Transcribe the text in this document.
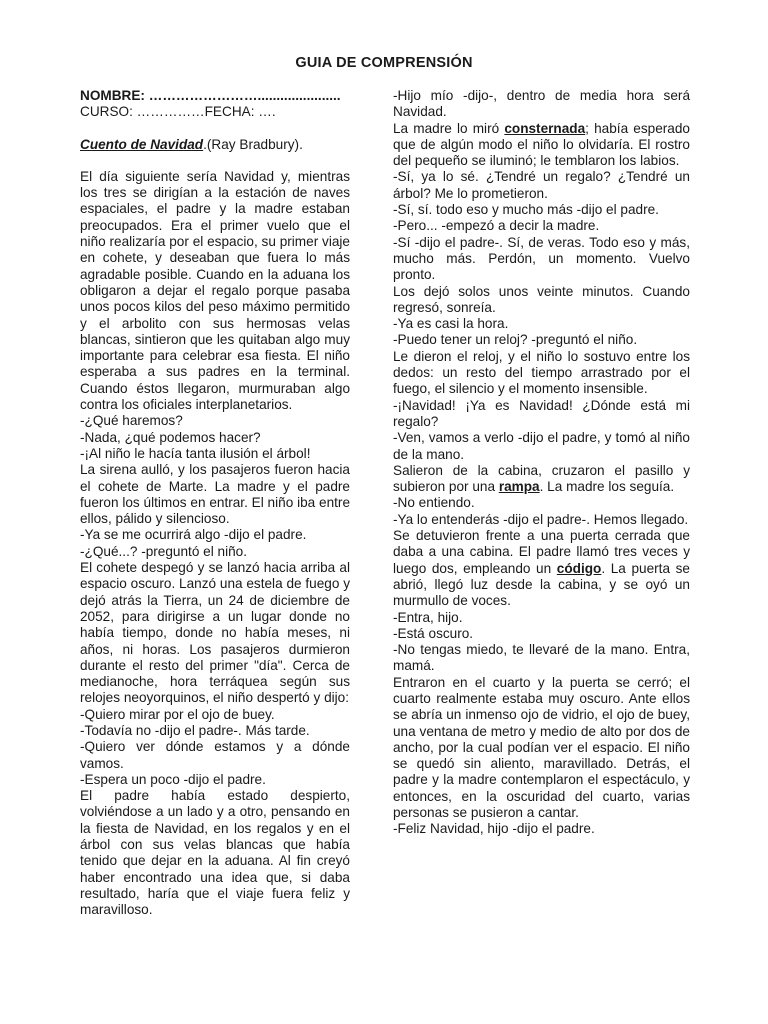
GUIA DE COMPRENSIÓN

NOMBRE: ……………………......................

CURSO: ……………FECHA: ….

Cuento de Navidad.(Ray Bradbury).

El día siguiente sería Navidad y, mientras los tres se dirigían a la estación de naves espaciales, el padre y la madre estaban preocupados. Era el primer vuelo que el niño realizaría por el espacio, su primer viaje en cohete, y deseaban que fuera lo más agradable posible. Cuando en la aduana los obligaron a dejar el regalo porque pasaba unos pocos kilos del peso máximo permitido y el arbolito con sus hermosas velas blancas, sintieron que les quitaban algo muy importante para celebrar esa fiesta. El niño esperaba a sus padres en la terminal. Cuando éstos llegaron, murmuraban algo contra los oficiales interplanetarios.

-¿Qué haremos?

-Nada, ¿qué podemos hacer?

-¡Al niño le hacía tanta ilusión el árbol!

La sirena aulló, y los pasajeros fueron hacia el cohete de Marte. La madre y el padre fueron los últimos en entrar. El niño iba entre ellos, pálido y silencioso.

-Ya se me ocurrirá algo -dijo el padre.

-¿Qué...? -preguntó el niño.

El cohete despegó y se lanzó hacia arriba al espacio oscuro. Lanzó una estela de fuego y dejó atrás la Tierra, un 24 de diciembre de 2052, para dirigirse a un lugar donde no había tiempo, donde no había meses, ni años, ni horas. Los pasajeros durmieron durante el resto del primer "día". Cerca de medianoche, hora terráquea según sus relojes neoyorquinos, el niño despertó y dijo:

-Quiero mirar por el ojo de buey.

-Todavía no -dijo el padre-. Más tarde.

-Quiero ver dónde estamos y a dónde vamos.

-Espera un poco -dijo el padre.

El padre había estado despierto, volviéndose a un lado y a otro, pensando en la fiesta de Navidad, en los regalos y en el árbol con sus velas blancas que había tenido que dejar en la aduana. Al fin creyó haber encontrado una idea que, si daba resultado, haría que el viaje fuera feliz y maravilloso.

-Hijo mío -dijo-, dentro de media hora será Navidad.

La madre lo miró consternada; había esperado que de algún modo el niño lo olvidaría. El rostro del pequeño se iluminó; le temblaron los labios.

-Sí, ya lo sé. ¿Tendré un regalo? ¿Tendré un árbol? Me lo prometieron.

-Sí, sí. todo eso y mucho más -dijo el padre.

-Pero... -empezó a decir la madre.

-Sí -dijo el padre-. Sí, de veras. Todo eso y más, mucho más. Perdón, un momento. Vuelvo pronto.

Los dejó solos unos veinte minutos. Cuando regresó, sonreía.

-Ya es casi la hora.

-Puedo tener un reloj? -preguntó el niño.

Le dieron el reloj, y el niño lo sostuvo entre los dedos: un resto del tiempo arrastrado por el fuego, el silencio y el momento insensible.

-¡Navidad! ¡Ya es Navidad! ¿Dónde está mi regalo?

-Ven, vamos a verlo -dijo el padre, y tomó al niño de la mano.

Salieron de la cabina, cruzaron el pasillo y subieron por una rampa. La madre los seguía.

-No entiendo.

-Ya lo entenderás -dijo el padre-. Hemos llegado.

Se detuvieron frente a una puerta cerrada que daba a una cabina. El padre llamó tres veces y luego dos, empleando un código. La puerta se abrió, llegó luz desde la cabina, y se oyó un murmullo de voces.

-Entra, hijo.

-Está oscuro.

-No tengas miedo, te llevaré de la mano. Entra, mamá.

Entraron en el cuarto y la puerta se cerró; el cuarto realmente estaba muy oscuro. Ante ellos se abría un inmenso ojo de vidrio, el ojo de buey, una ventana de metro y medio de alto por dos de ancho, por la cual podían ver el espacio. El niño se quedó sin aliento, maravillado. Detrás, el padre y la madre contemplaron el espectáculo, y entonces, en la oscuridad del cuarto, varias personas se pusieron a cantar.

-Feliz Navidad, hijo -dijo el padre.
